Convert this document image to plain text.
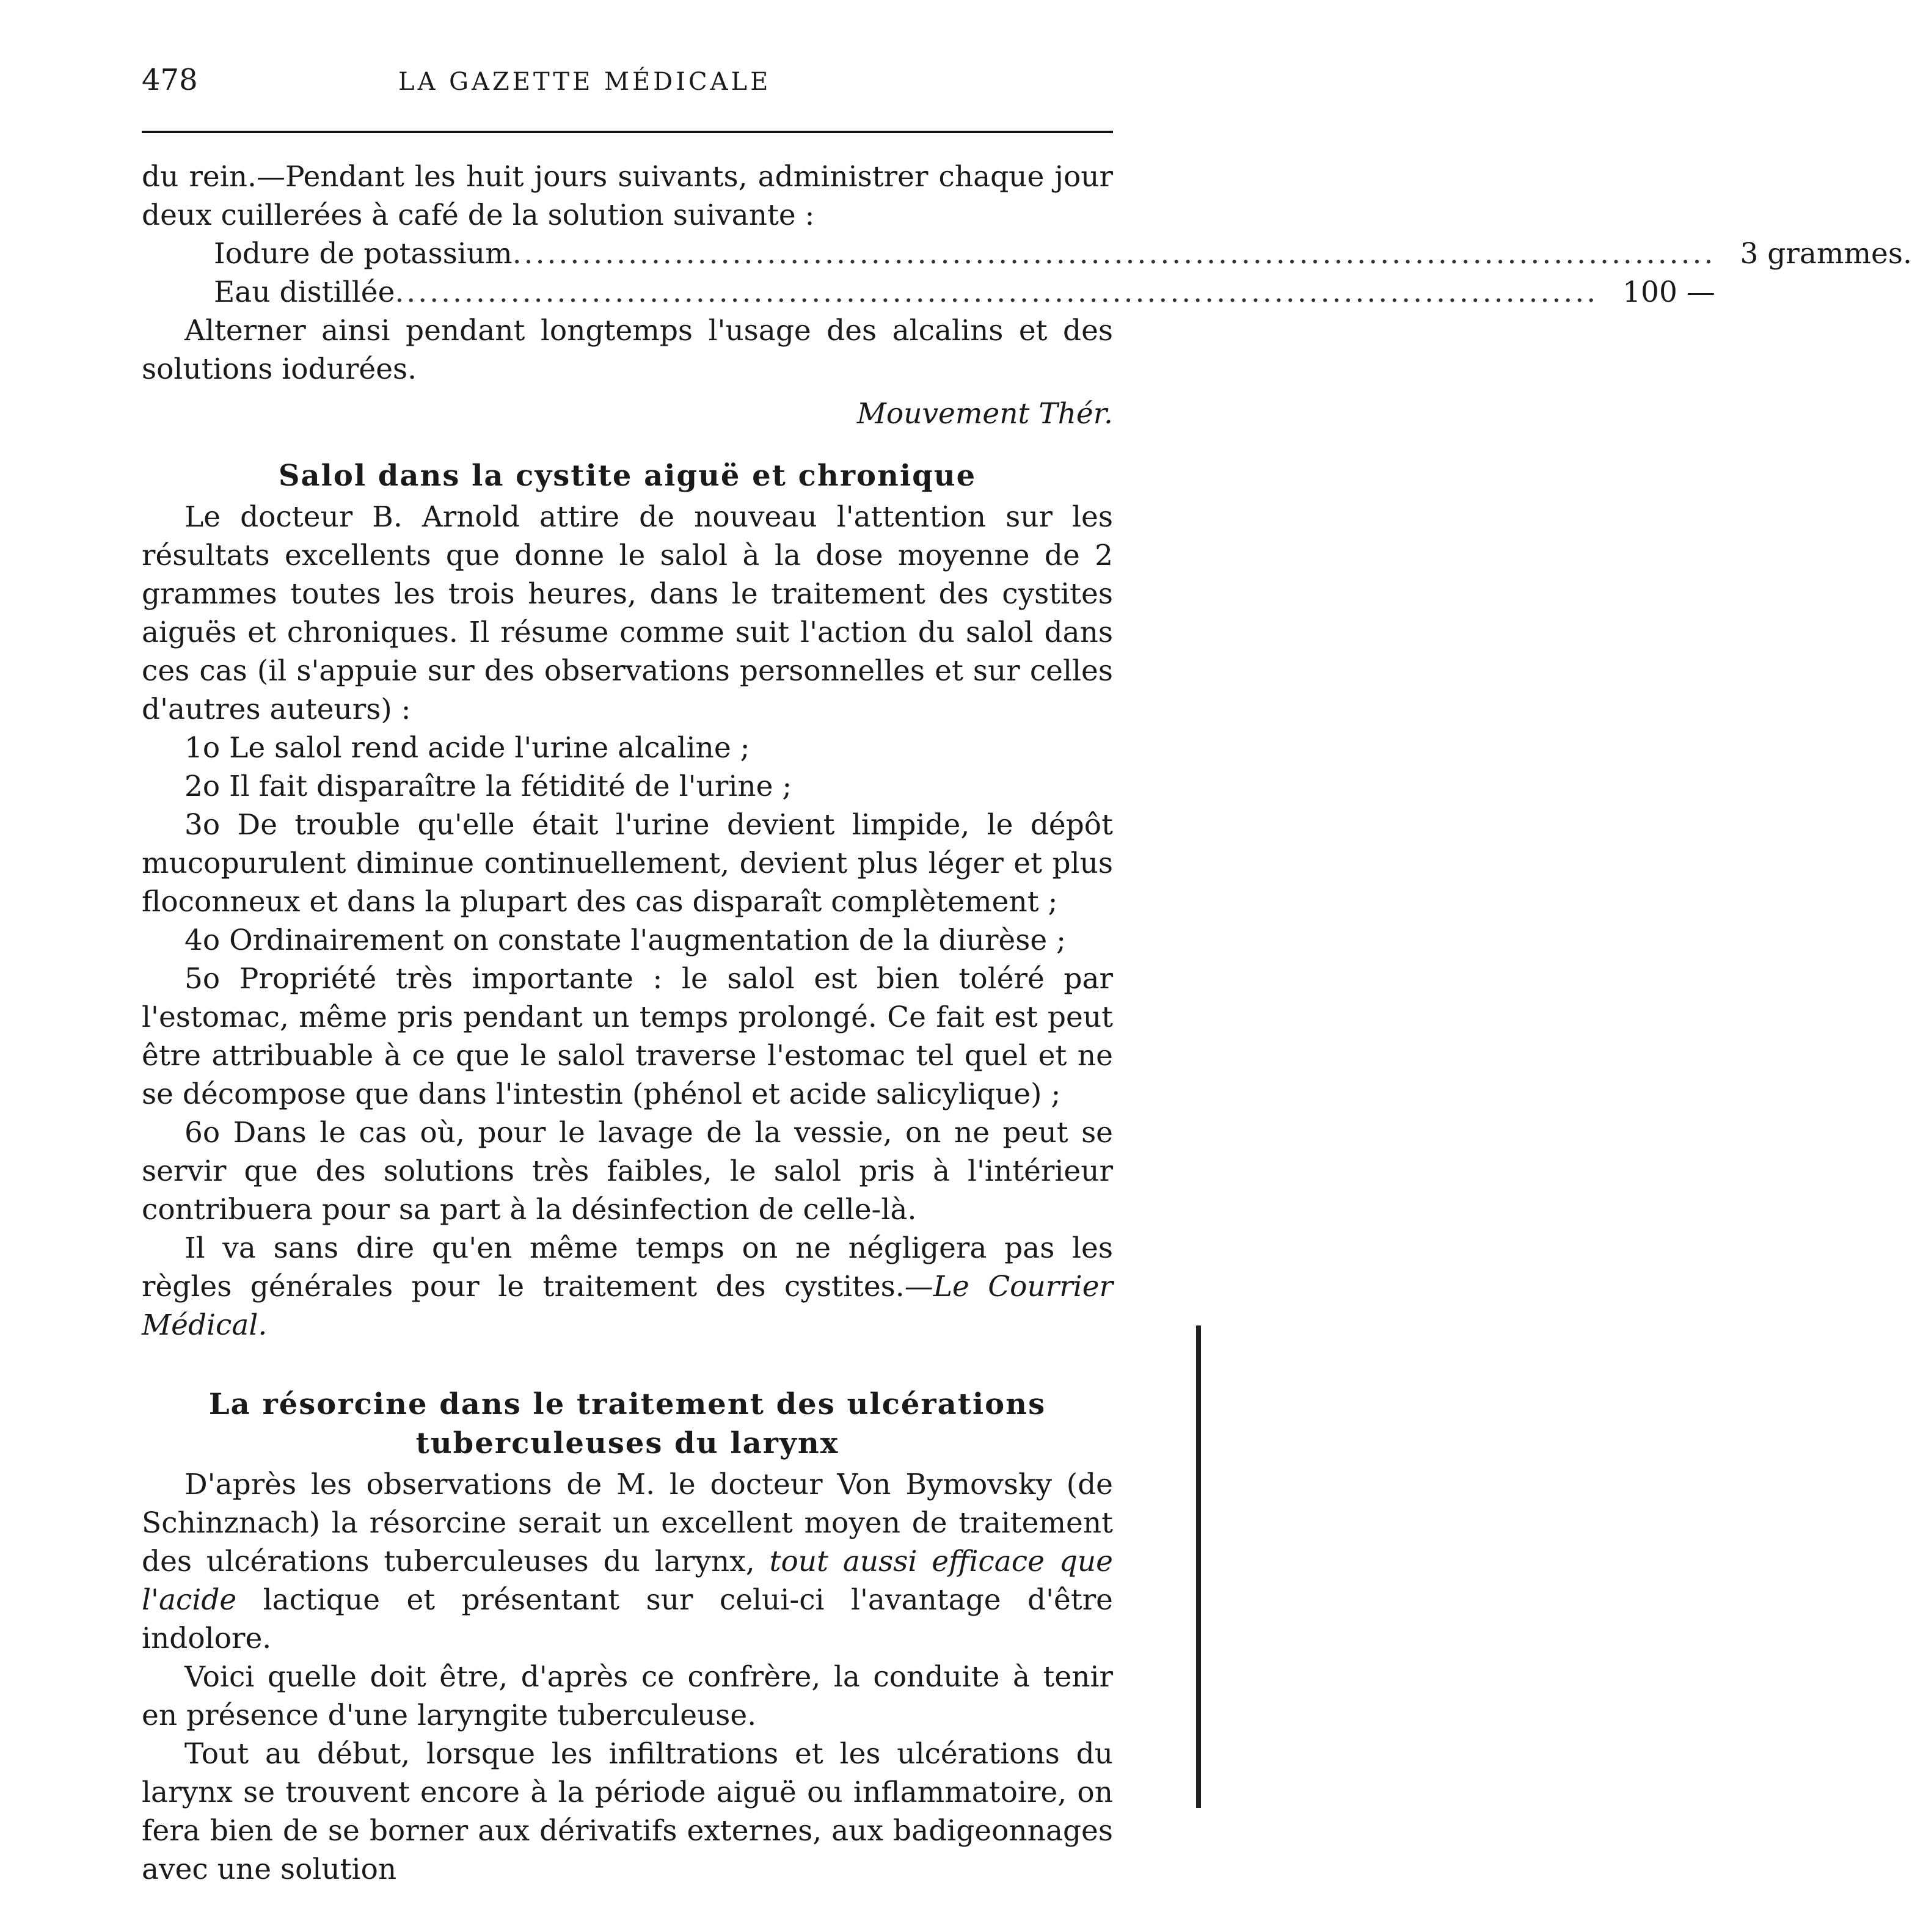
478	LA GAZETTE MÉDICALE

du rein.—Pendant les huit jours suivants, administrer chaque jour deux cuillerées à café de la solution suivante :

Iodure de potassium ........................................................................................................ 3 grammes.
Eau distillée ........................................................................................................ 100 —

Alterner ainsi pendant longtemps l'usage des alcalins et des solutions iodurées.

Mouvement Thér.

Salol dans la cystite aiguë et chronique

Le docteur B. Arnold attire de nouveau l'attention sur les résultats excellents que donne le salol à la dose moyenne de 2 grammes toutes les trois heures, dans le traitement des cystites aiguës et chroniques. Il résume comme suit l'action du salol dans ces cas (il s'appuie sur des observations personnelles et sur celles d'autres auteurs) :

1o Le salol rend acide l'urine alcaline ;

2o Il fait disparaître la fétidité de l'urine ;

3o De trouble qu'elle était l'urine devient limpide, le dépôt mucopurulent diminue continuellement, devient plus léger et plus floconneux et dans la plupart des cas disparaît complètement ;

4o Ordinairement on constate l'augmentation de la diurèse ;

5o Propriété très importante : le salol est bien toléré par l'estomac, même pris pendant un temps prolongé. Ce fait est peut être attribuable à ce que le salol traverse l'estomac tel quel et ne se décompose que dans l'intestin (phénol et acide salicylique) ;

6o Dans le cas où, pour le lavage de la vessie, on ne peut se servir que des solutions très faibles, le salol pris à l'intérieur contribuera pour sa part à la désinfection de celle-là.

Il va sans dire qu'en même temps on ne négligera pas les règles générales pour le traitement des cystites.—Le Courrier Médical.

La résorcine dans le traitement des ulcérations tuberculeuses du larynx

D'après les observations de M. le docteur Von Bymovsky (de Schinznach) la résorcine serait un excellent moyen de traitement des ulcérations tuberculeuses du larynx, tout aussi efficace que l'acide lactique et présentant sur celui-ci l'avantage d'être indolore.

Voici quelle doit être, d'après ce confrère, la conduite à tenir en présence d'une laryngite tuberculeuse.

Tout au début, lorsque les infiltrations et les ulcérations du larynx se trouvent encore à la période aiguë ou inflammatoire, on fera bien de se borner aux dérivatifs externes, aux badigeonnages avec une solution
